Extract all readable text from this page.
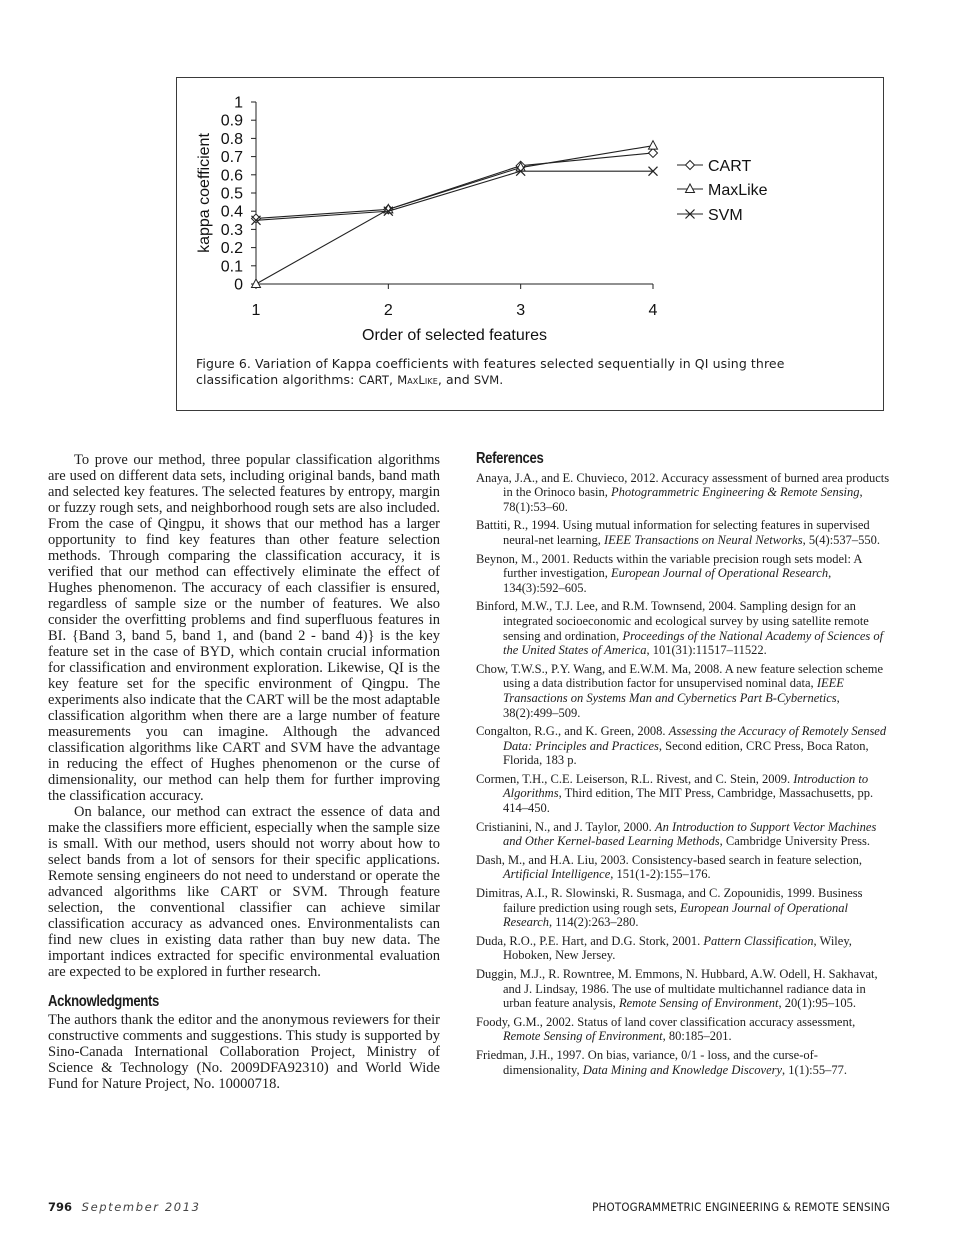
0
0.1
0.2
0.3
0.4
0.5
0.6
0.7
0.8
0.9
1
1	2	3	4
Order of selected features
kappa coefficient	CART
MaxLike
SVM
Figure 6. Variation of Kappa coefficients with features selected sequentially in QI using three classification algorithms: CART, MaxLike, and SVM.

To prove our method, three popular classification algorithms are used on different data sets, including original bands, band math and selected key features. The selected features by entropy, margin or fuzzy rough sets, and neighborhood rough sets are also included. From the case of Qingpu, it shows that our method has a larger opportunity to find key features than other feature selection methods. Through comparing the classification accuracy, it is verified that our method can effectively eliminate the effect of Hughes phenomenon. The accuracy of each classifier is ensured, regardless of sample size or the number of features. We also consider the overfitting problems and find superfluous features in BI. {Band 3, band 5, band 1, and (band 2 - band 4)} is the key feature set in the case of BYD, which contain crucial information for classification and environment exploration. Likewise, QI is the key feature set for the specific environment of Qingpu. The experiments also indicate that the CART will be the most adaptable classification algorithm when there are a large number of feature measurements you can imagine. Although the advanced classification algorithms like CART and SVM have the advantage in reducing the effect of Hughes phenomenon or the curse of dimensionality, our method can help them for further improving the classification accuracy.

On balance, our method can extract the essence of data and make the classifiers more efficient, especially when the sample size is small. With our method, users should not worry about how to select bands from a lot of sensors for their specific applications. Remote sensing engineers do not need to understand or operate the advanced algorithms like CART or SVM. Through feature selection, the conventional classifier can achieve similar classification accuracy as advanced ones. Environmentalists can find new clues in existing data rather than buy new data. The important indices extracted for specific environmental evaluation are expected to be explored in further research.

Acknowledgments

The authors thank the editor and the anonymous reviewers for their constructive comments and suggestions. This study is supported by Sino-Canada International Collaboration Project, Ministry of Science & Technology (No. 2009DFA92310) and World Wide Fund for Nature Project, No. 10000718.

References

Anaya, J.A., and E. Chuvieco, 2012. Accuracy assessment of burned area products in the Orinoco basin, Photogrammetric Engineering & Remote Sensing, 78(1):53–60.

Battiti, R., 1994. Using mutual information for selecting features in supervised neural-net learning, IEEE Transactions on Neural Networks, 5(4):537–550.

Beynon, M., 2001. Reducts within the variable precision rough sets model: A further investigation, European Journal of Operational Research, 134(3):592–605.

Binford, M.W., T.J. Lee, and R.M. Townsend, 2004. Sampling design for an integrated socioeconomic and ecological survey by using satellite remote sensing and ordination, Proceedings of the National Academy of Sciences of the United States of America, 101(31):11517–11522.

Chow, T.W.S., P.Y. Wang, and E.W.M. Ma, 2008. A new feature selection scheme using a data distribution factor for unsupervised nominal data, IEEE Transactions on Systems Man and Cybernetics Part B-Cybernetics, 38(2):499–509.

Congalton, R.G., and K. Green, 2008. Assessing the Accuracy of Remotely Sensed Data: Principles and Practices, Second edition, CRC Press, Boca Raton, Florida, 183 p.

Cormen, T.H., C.E. Leiserson, R.L. Rivest, and C. Stein, 2009. Introduction to Algorithms, Third edition, The MIT Press, Cambridge, Massachusetts, pp. 414–450.

Cristianini, N., and J. Taylor, 2000. An Introduction to Support Vector Machines and Other Kernel-based Learning Methods, Cambridge University Press.

Dash, M., and H.A. Liu, 2003. Consistency-based search in feature selection, Artificial Intelligence, 151(1-2):155–176.

Dimitras, A.I., R. Slowinski, R. Susmaga, and C. Zopounidis, 1999. Business failure prediction using rough sets, European Journal of Operational Research, 114(2):263–280.

Duda, R.O., P.E. Hart, and D.G. Stork, 2001. Pattern Classification, Wiley, Hoboken, New Jersey.

Duggin, M.J., R. Rowntree, M. Emmons, N. Hubbard, A.W. Odell, H. Sakhavat, and J. Lindsay, 1986. The use of multidate multichannel radiance data in urban feature analysis, Remote Sensing of Environment, 20(1):95–105.

Foody, G.M., 2002. Status of land cover classification accuracy assessment, Remote Sensing of Environment, 80:185–201.

Friedman, J.H., 1997. On bias, variance, 0/1 - loss, and the curse-of-dimensionality, Data Mining and Knowledge Discovery, 1(1):55–77.

796 September 2013	PHOTOGRAMMETRIC ENGINEERING & REMOTE SENSING
